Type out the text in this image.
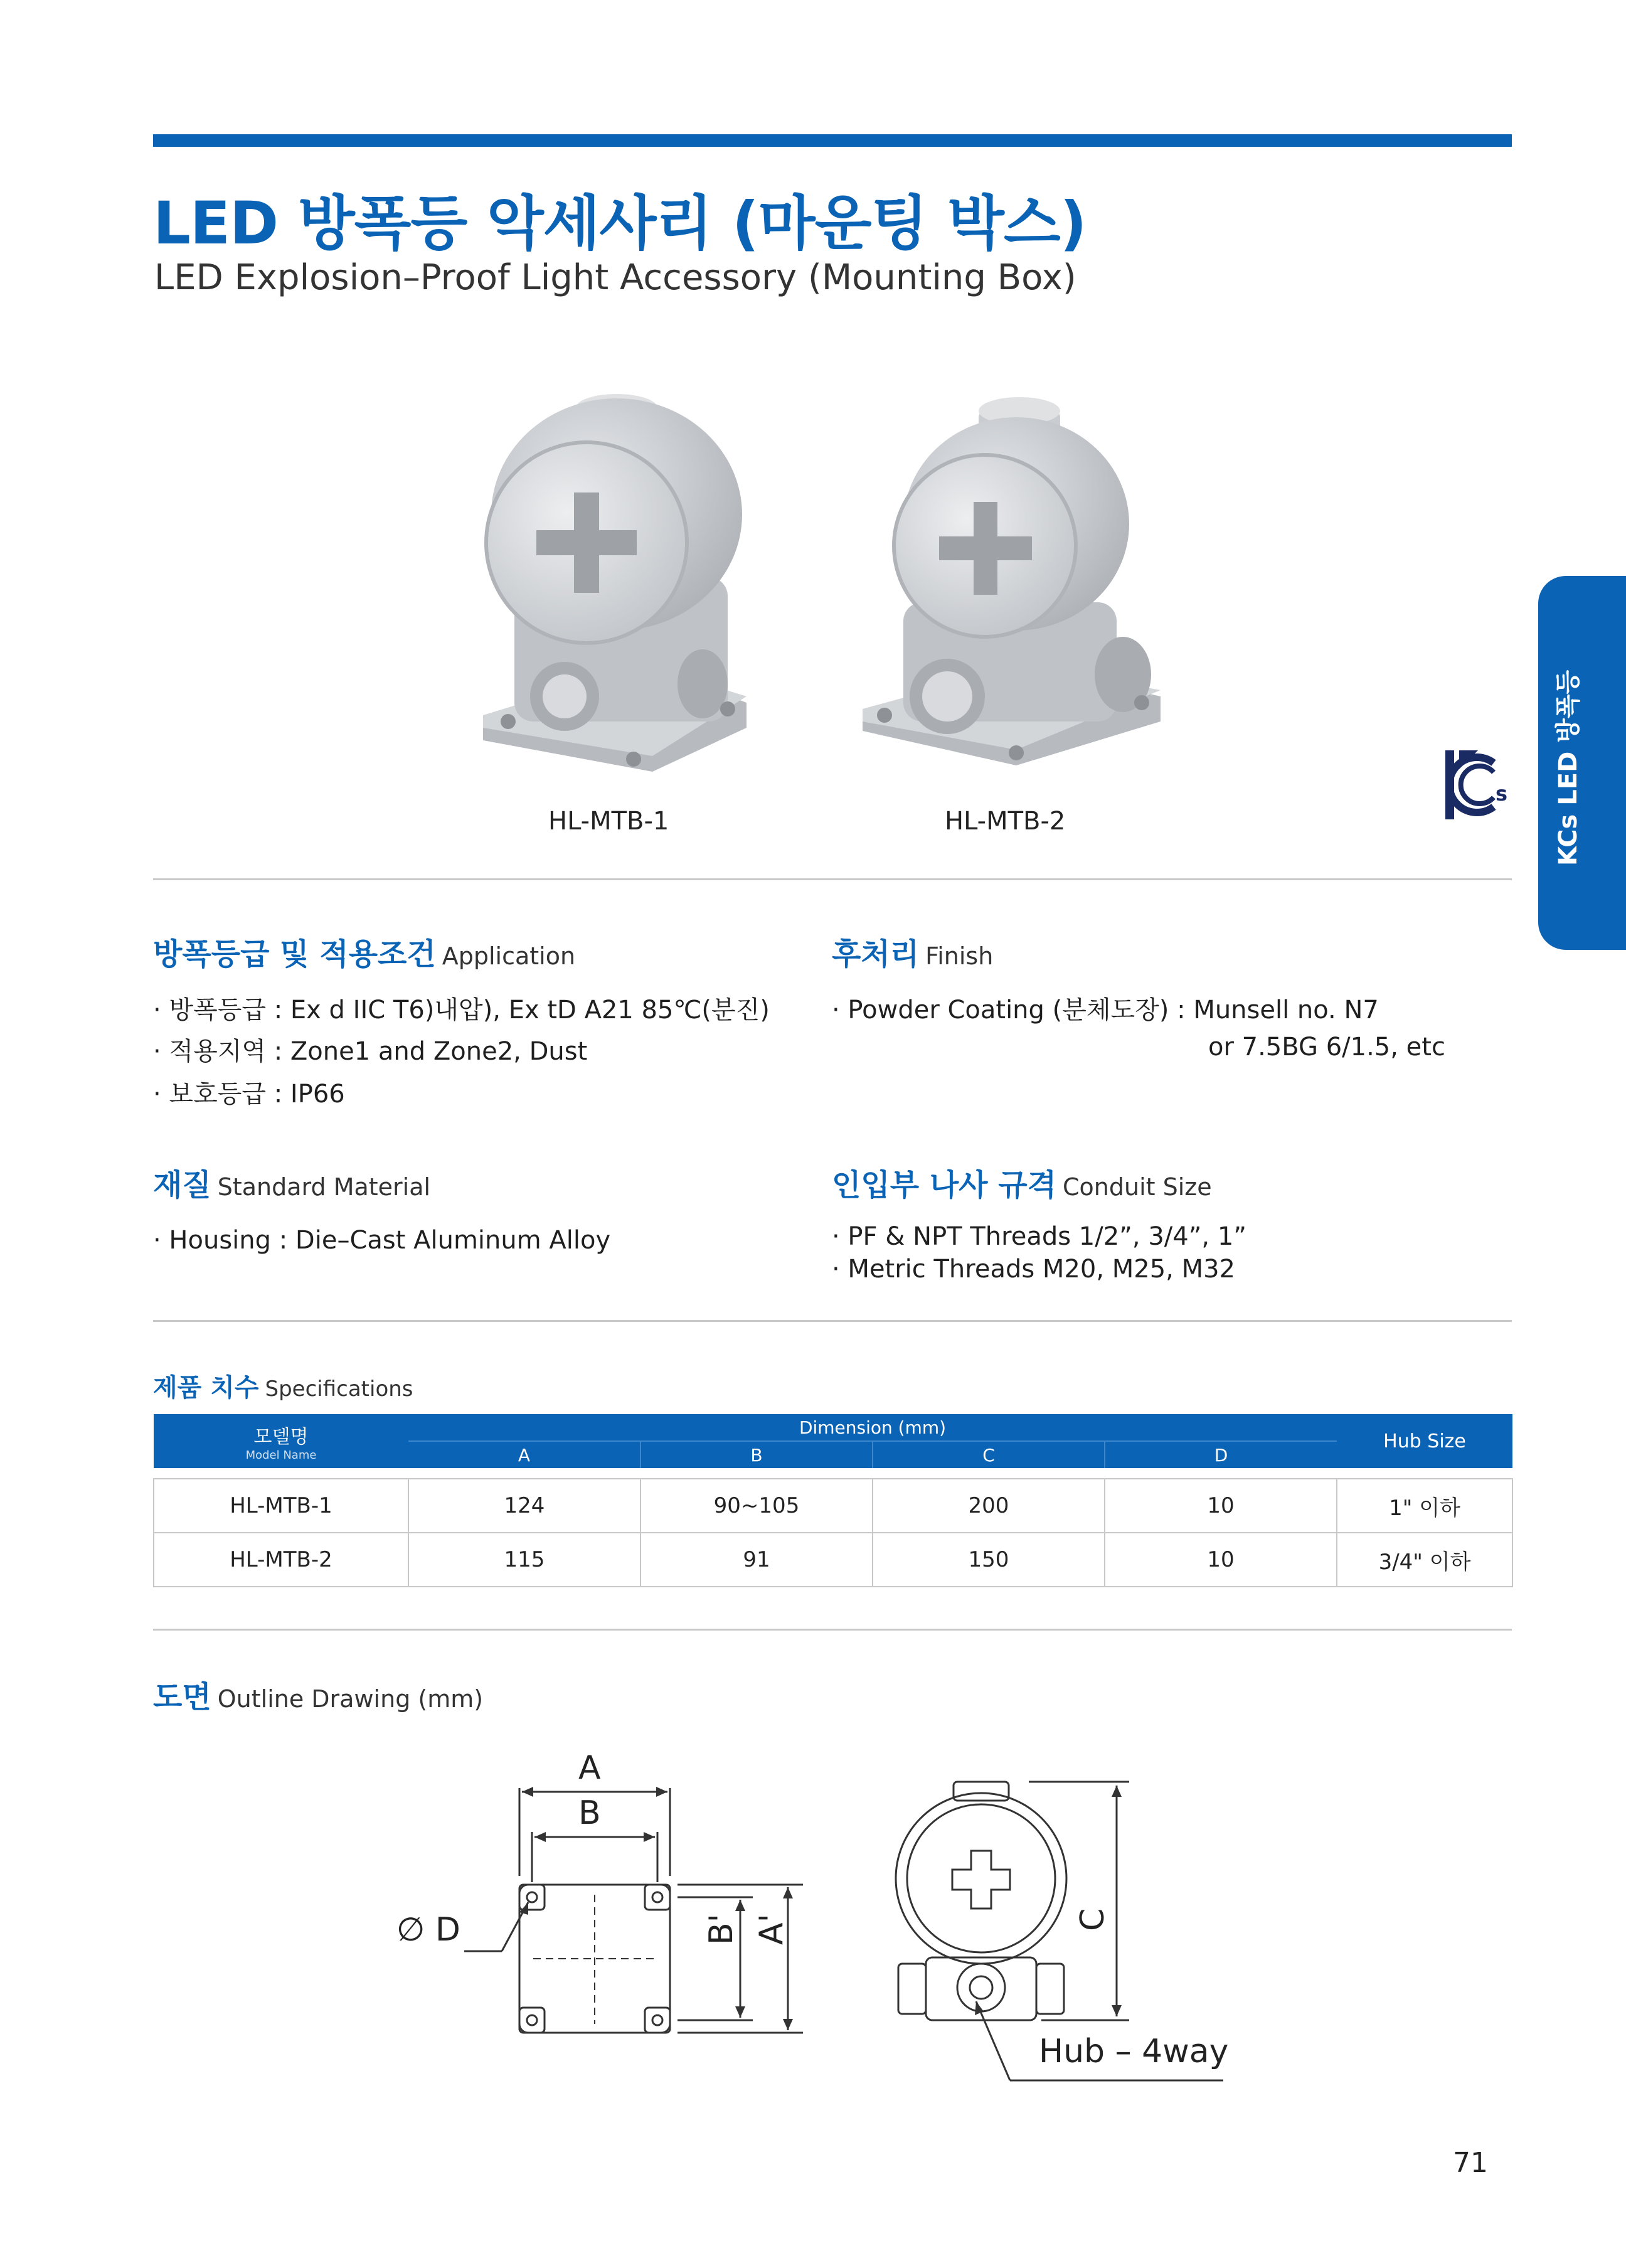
LED 방폭등 악세사리 (마운팅 박스)
LED Explosion–Proof Light Accessory (Mounting Box)
HL-MTB-1	HL-MTB-2
s KCs LED 방폭등
방폭등급 및 적용조건 Application
· 방폭등급 : Ex d IIC T6)내압), Ex tD A21 85℃(분진)
· 적용지역 : Zone1 and Zone2, Dust
· 보호등급 : IP66
후처리 Finish
· Powder Coating (분체도장) : Munsell no. N7
or 7.5BG 6/1.5, etc
재질 Standard Material
· Housing : Die–Cast Aluminum Alloy
인입부 나사 규격 Conduit Size
· PF & NPT Threads 1/2”, 3/4”, 1”
· Metric Threads M20, M25, M32
제품 치수 Specifications
모델명
Model Name	Dimension (mm)				Hub Size
	A	B	C	D	

HL-MTB-1	124	90~105	200	10	1" 이하
HL-MTB-2	115	91	150	10	3/4" 이하
도면 Outline Drawing (mm)
A
B
A'
B'
∅ D	C
Hub – 4way
71
